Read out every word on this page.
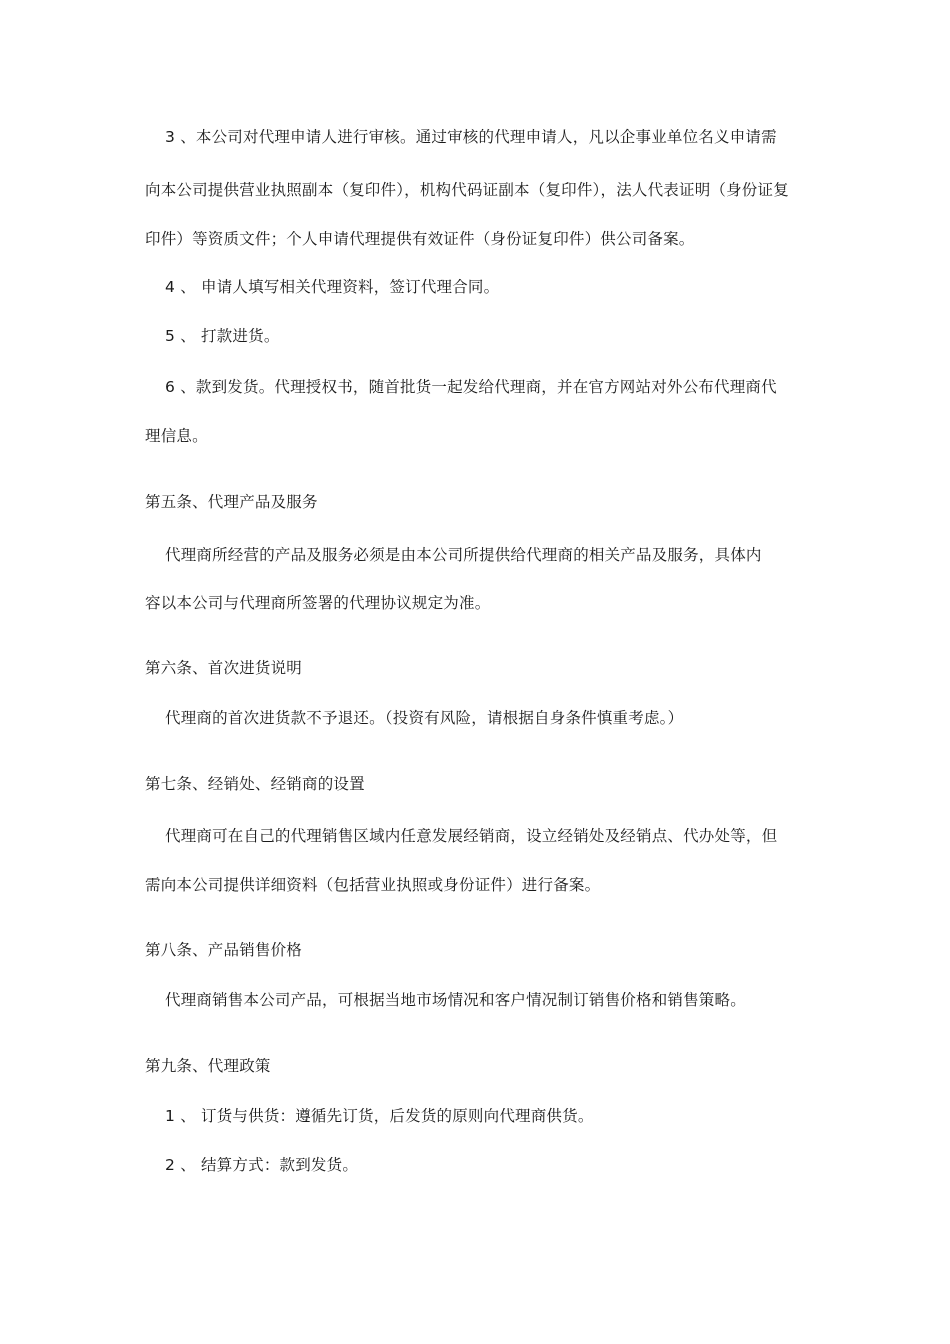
3 、本公司对代理申请人进行审核。通过审核的代理申请人，凡以企事业单位名义申请需
向本公司提供营业执照副本（复印件），机构代码证副本（复印件），法人代表证明（身份证复
印件）等资质文件；个人申请代理提供有效证件（身份证复印件）供公司备案。
4 、 申请人填写相关代理资料，签订代理合同。
5 、 打款进货。
6 、款到发货。代理授权书，随首批货一起发给代理商，并在官方网站对外公布代理商代
理信息。
第五条、代理产品及服务
代理商所经营的产品及服务必须是由本公司所提供给代理商的相关产品及服务，具体内
容以本公司与代理商所签署的代理协议规定为准。
第六条、首次进货说明
代理商的首次进货款不予退还。（投资有风险，请根据自身条件慎重考虑。）
第七条、经销处、经销商的设置
代理商可在自己的代理销售区域内任意发展经销商，设立经销处及经销点、代办处等，但
需向本公司提供详细资料（包括营业执照或身份证件）进行备案。
第八条、产品销售价格
代理商销售本公司产品，可根据当地市场情况和客户情况制订销售价格和销售策略。
第九条、代理政策
1 、 订货与供货：遵循先订货，后发货的原则向代理商供货。
2 、 结算方式：款到发货。
